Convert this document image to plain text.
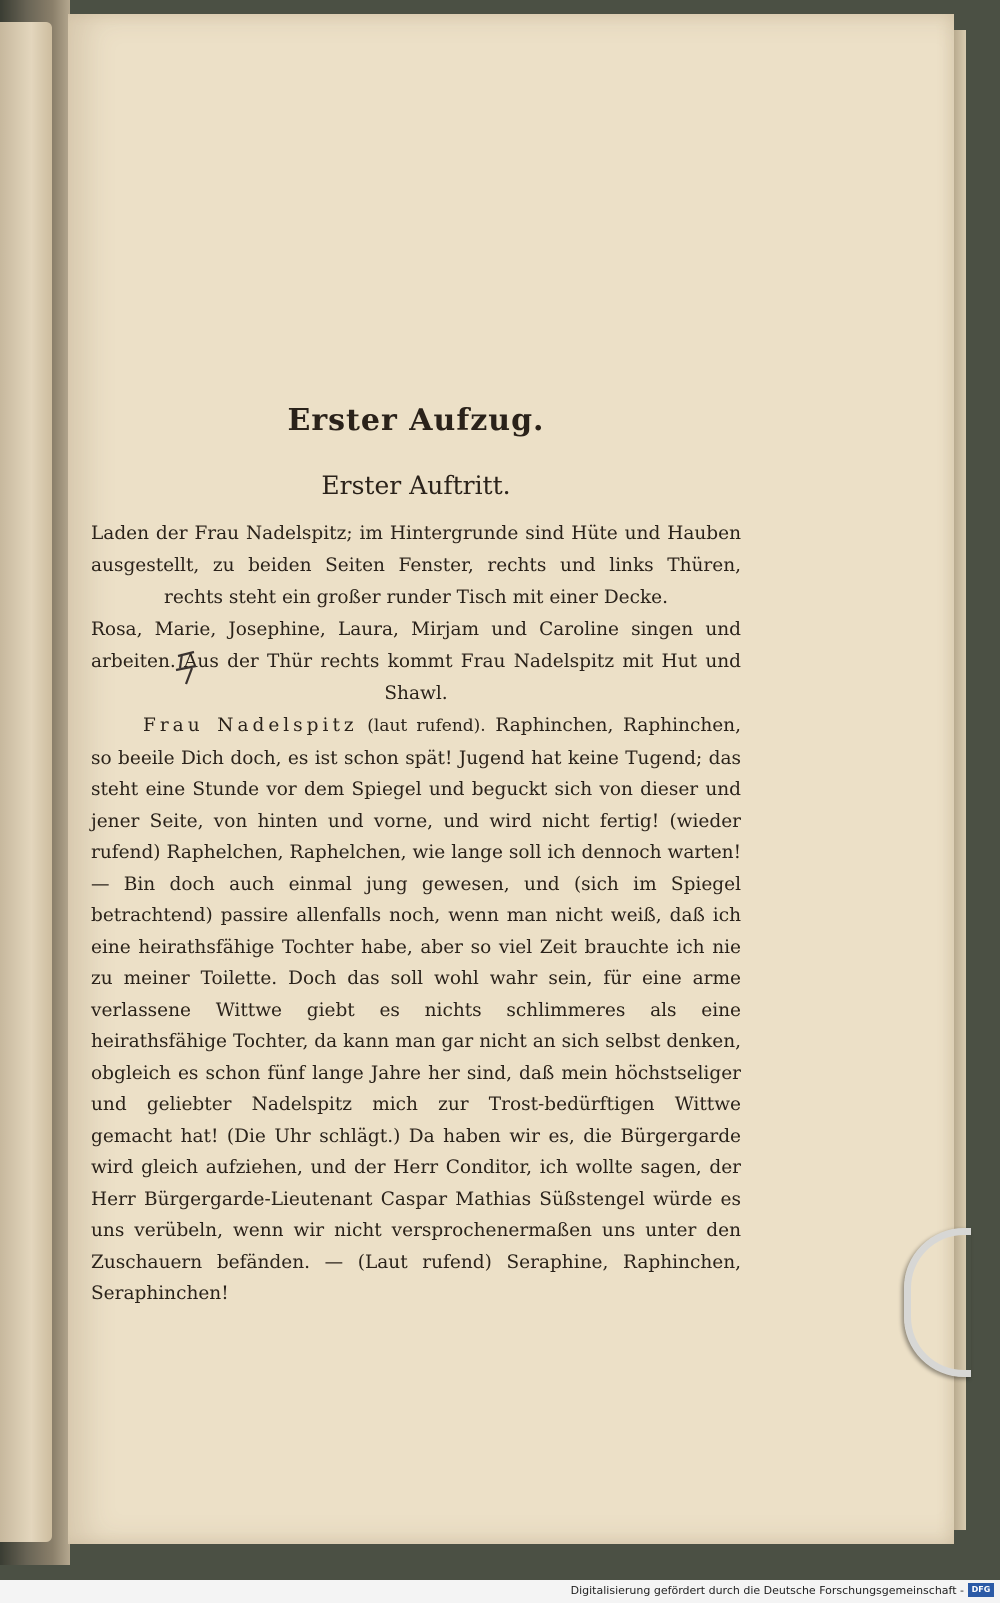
Erster Aufzug.
Erster Auftritt.

Laden der Frau Nadelspitz; im Hintergrunde sind Hüte und Hauben ausgestellt, zu beiden Seiten Fenster, rechts und links Thüren, rechts steht ein großer runder Tisch mit einer Decke.

Rosa, Marie, Josephine, Laura, Mirjam und Caroline singen und arbeiten. Aus der Thür rechts kommt Frau Nadelspitz mit Hut und Shawl.

Frau Nadelspitz (laut rufend). Raphinchen, Raphinchen, so beeile Dich doch, es ist schon spät! Jugend hat keine Tugend; das steht eine Stunde vor dem Spiegel und beguckt sich von dieser und jener Seite, von hinten und vorne, und wird nicht fertig! (wieder rufend) Raphelchen, Raphelchen, wie lange soll ich dennoch warten! — Bin doch auch einmal jung gewesen, und (sich im Spiegel betrachtend) passire allenfalls noch, wenn man nicht weiß, daß ich eine heirathsfähige Tochter habe, aber so viel Zeit brauchte ich nie zu meiner Toilette. Doch das soll wohl wahr sein, für eine arme verlassene Wittwe giebt es nichts schlimmeres als eine heirathsfähige Tochter, da kann man gar nicht an sich selbst denken, obgleich es schon fünf lange Jahre her sind, daß mein höchstseliger und geliebter Nadelspitz mich zur Trost-bedürftigen Wittwe gemacht hat! (Die Uhr schlägt.) Da haben wir es, die Bürgergarde wird gleich aufziehen, und der Herr Conditor, ich wollte sagen, der Herr Bürgergarde-Lieutenant Caspar Mathias Süßstengel würde es uns verübeln, wenn wir nicht versprochenermaßen uns unter den Zuschauern befänden. — (Laut rufend) Seraphine, Raphinchen, Seraphinchen!

Digitalisierung gefördert durch die Deutsche Forschungsgemeinschaft - DFG
